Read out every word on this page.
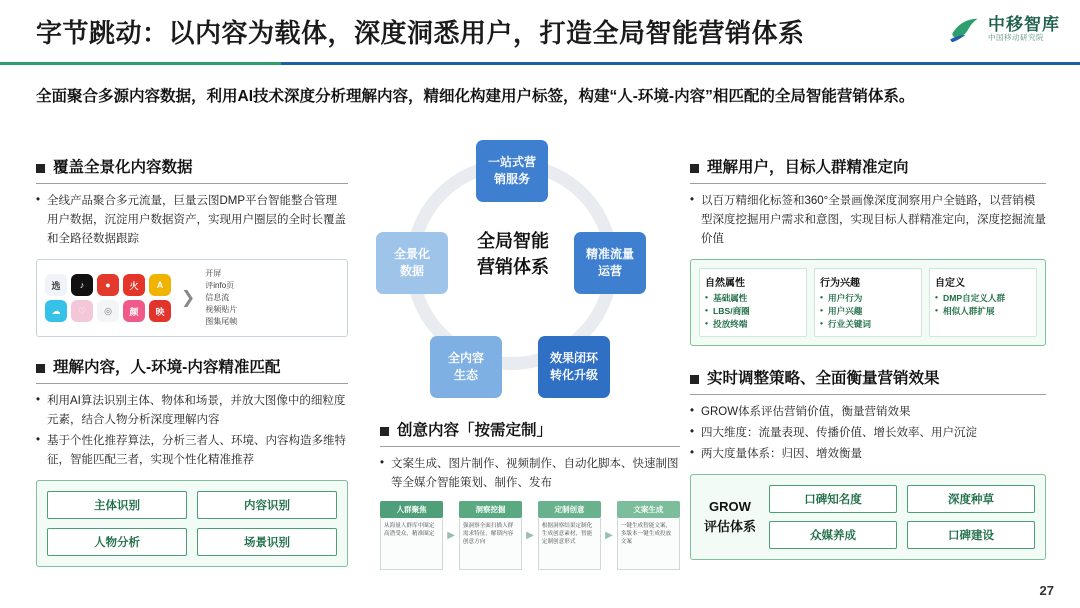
字节跳动：以内容为载体，深度洞悉用户，打造全局智能营销体系	中移智库
中国移动研究院
全面聚合多源内容数据，利用AI技术深度分析理解内容，精细化构建用户标签，构建“人-环境-内容”相匹配的全局智能营销体系。
覆盖全景化内容数据
• 全线产品聚合多元流量，巨量云图DMP平台智能整合管理用户数据，沉淀用户数据资产，实现用户圈层的全时长覆盖和全路径数据跟踪
选	♪	●	火	A
☁	♡	◎	颜	映
❯
开屏
评info页
信息流
视频贴片
图集尾帧
理解内容，人-环境-内容精准匹配
• 利用AI算法识别主体、物体和场景，并放大图像中的细粒度元素，结合人物分析深度理解内容
• 基于个性化推荐算法，分析三者人、环境、内容构造多维特征，智能匹配三者，实现个性化精准推荐
主体识别	内容识别
人物分析	场景识别
全局智能
营销体系
一站式营
销服务
精准流量
运营
全景化
数据
全内容
生态
效果闭环
转化升级
创意内容「按需定制」
• 文案生成、图片制作、视频制作、自动化脚本、快速制图等全媒介智能策划、制作、发布
人群聚焦
从海量人群库中圈定高潜受众，精准圈定	▶
洞察挖掘
强洞察全面扫描人群需求特征，解锁内容创意方向
▶
定制创意
根据洞察结果定制化生成创意素材，智能定制创意形式
▶
文案生成
一键生成智能文案，多版本一键生成投放文案
理解用户，目标人群精准定向
• 以百万精细化标签和360°全景画像深度洞察用户全链路，以营销模型深度挖掘用户需求和意图，实现目标人群精准定向，深度挖掘流量价值
自然属性
• 基础属性
• LBS/商圈
• 投放终端
行为兴趣
• 用户行为
• 用户兴趣
• 行业关键词
自定义
• DMP自定义人群
• 相似人群扩展
实时调整策略、全面衡量营销效果
• GROW体系评估营销价值，衡量营销效果
• 四大维度：流量表现、传播价值、增长效率、用户沉淀
• 两大度量体系：归因、增效衡量
GROW
评估体系
口碑知名度	深度种草
众媒养成	口碑建设
27
